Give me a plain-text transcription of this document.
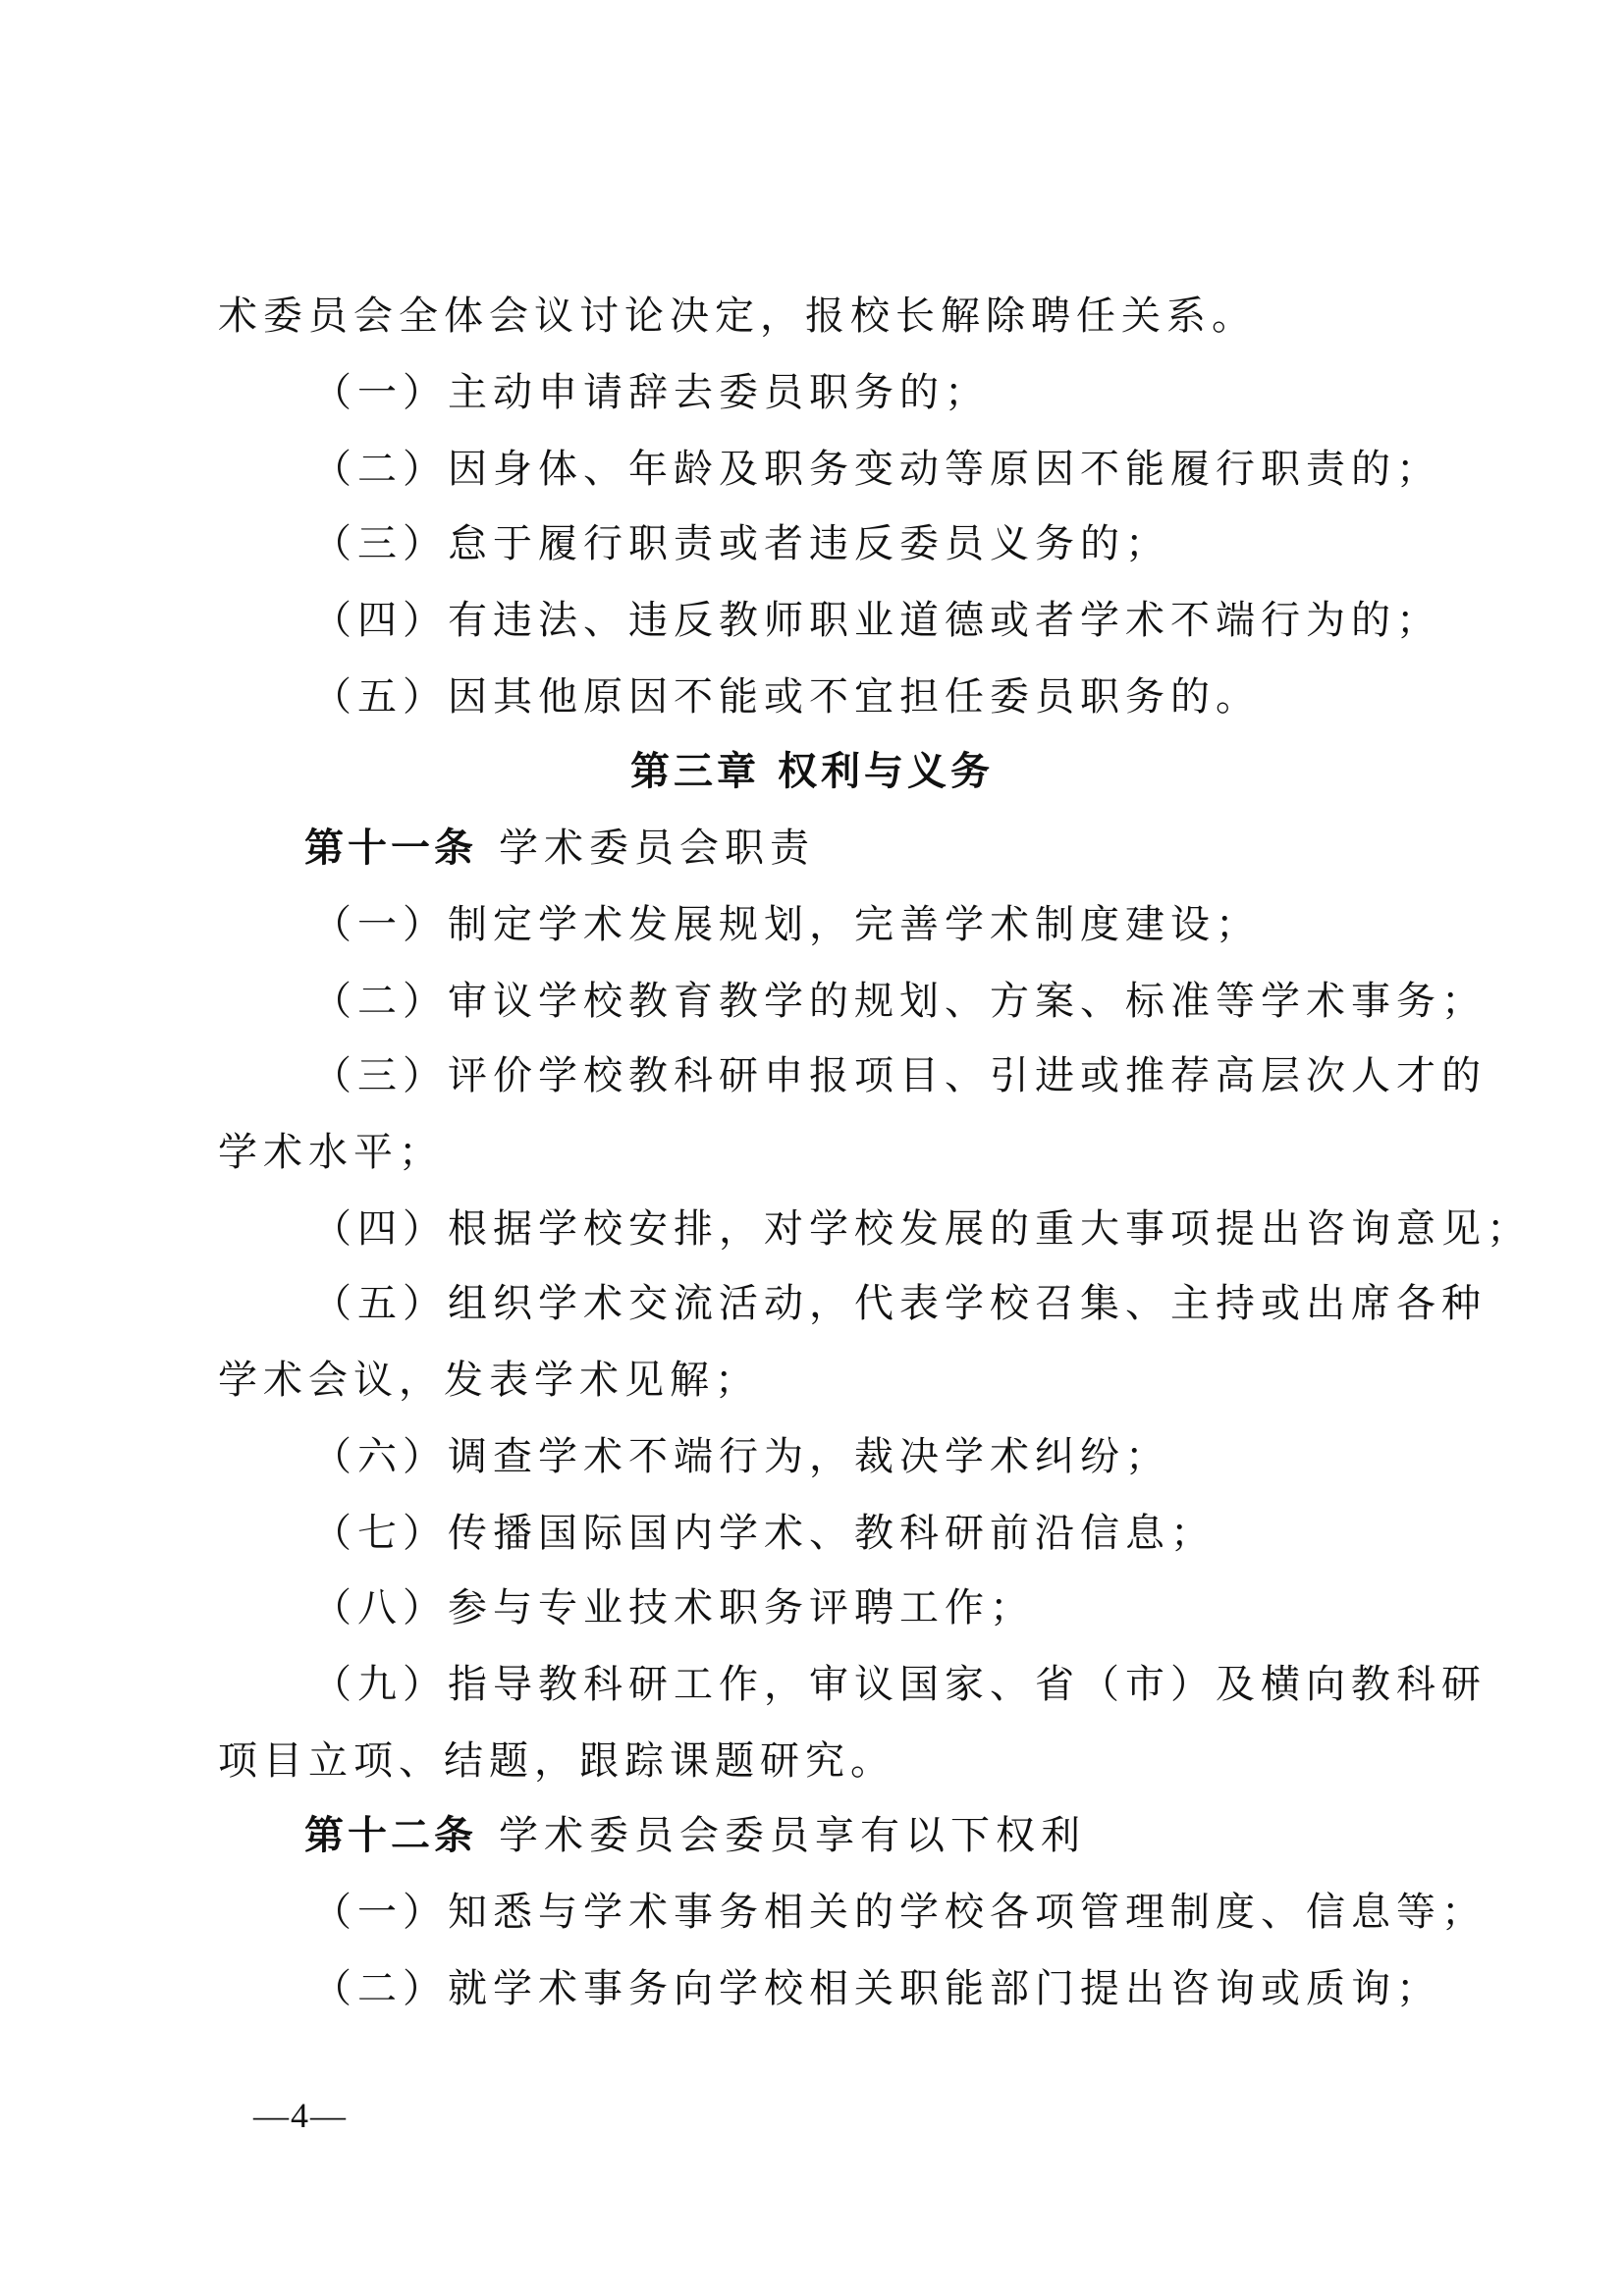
术委员会全体会议讨论决定，报校长解除聘任关系。
（一）主动申请辞去委员职务的；
（二）因身体、年龄及职务变动等原因不能履行职责的；
（三）怠于履行职责或者违反委员义务的；
（四）有违法、违反教师职业道德或者学术不端行为的；
（五）因其他原因不能或不宜担任委员职务的。
第三章 权利与义务
第十一条 学术委员会职责
（一）制定学术发展规划，完善学术制度建设；
（二）审议学校教育教学的规划、方案、标准等学术事务；
（三）评价学校教科研申报项目、引进或推荐高层次人才的
学术水平；
（四）根据学校安排，对学校发展的重大事项提出咨询意见；
（五）组织学术交流活动，代表学校召集、主持或出席各种
学术会议，发表学术见解；
（六）调查学术不端行为，裁决学术纠纷；
（七）传播国际国内学术、教科研前沿信息；
（八）参与专业技术职务评聘工作；
（九）指导教科研工作，审议国家、省（市）及横向教科研
项目立项、结题，跟踪课题研究。
第十二条 学术委员会委员享有以下权利
（一）知悉与学术事务相关的学校各项管理制度、信息等；
（二）就学术事务向学校相关职能部门提出咨询或质询；
—4—
